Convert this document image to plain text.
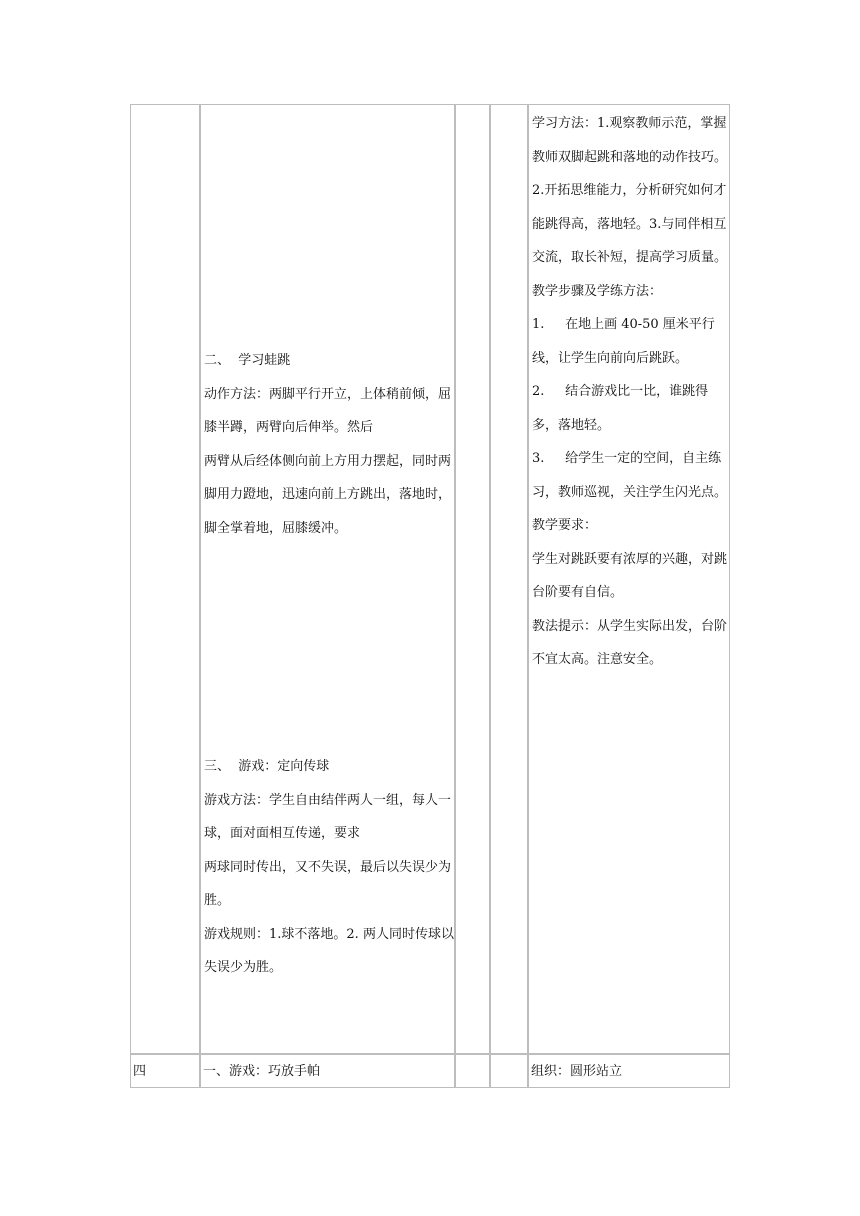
二、  学习蛙跳

动作方法：两脚平行开立，上体稍前倾，屈膝半蹲，两臂向后伸举。然后

两臂从后经体侧向前上方用力摆起，同时两脚用力蹬地，迅速向前上方跳出，落地时，脚全掌着地，屈膝缓冲。

三、  游戏：定向传球

游戏方法：学生自由结伴两人一组，每人一球，面对面相互传递，要求

两球同时传出，又不失误，最后以失误少为胜。

游戏规则：1.球不落地。2. 两人同时传球以失误少为胜。

学习方法：1.观察教师示范，掌握教师双脚起跳和落地的动作技巧。2.开拓思维能力，分析研究如何才能跳得高，落地轻。3.与同伴相互交流，取长补短，提高学习质量。

教学步骤及学练方法：

1.     在地上画 40-50 厘米平行线，让学生向前向后跳跃。

2.     结合游戏比一比，谁跳得多，落地轻。

3.     给学生一定的空间，自主练习，教师巡视，关注学生闪光点。

教学要求：

学生对跳跃要有浓厚的兴趣，对跳台阶要有自信。

教法提示：从学生实际出发，台阶不宜太高。注意安全。

四	一、游戏：巧放手帕	组织：圆形站立
